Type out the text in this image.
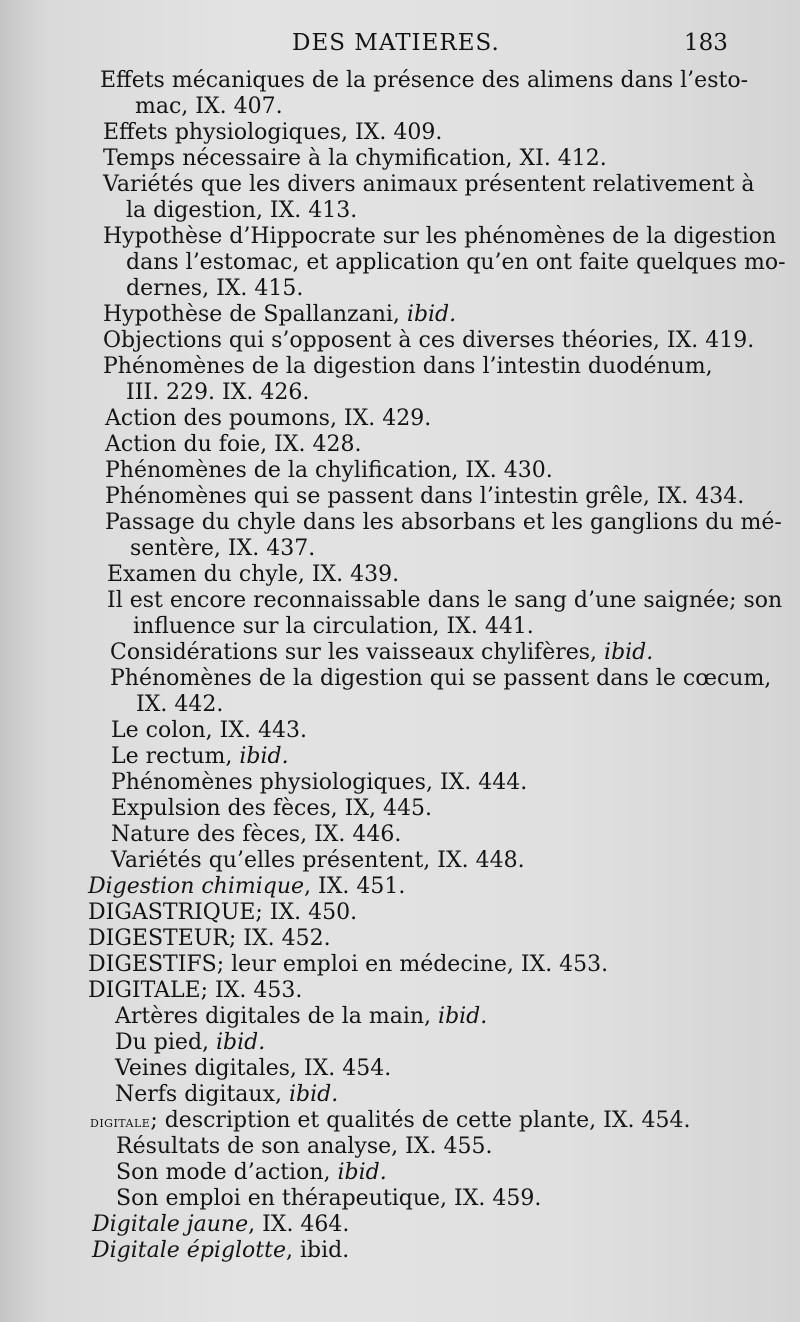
DES MATIERES.	183
Effets mécaniques de la présence des alimens dans l’esto-
mac, IX. 407.
Effets physiologiques, IX. 409.
Temps nécessaire à la chymification, XI. 412.
Variétés que les divers animaux présentent relativement à
la digestion, IX. 413.
Hypothèse d’Hippocrate sur les phénomènes de la digestion
dans l’estomac, et application qu’en ont faite quelques mo-
dernes, IX. 415.
Hypothèse de Spallanzani, ibid.
Objections qui s’opposent à ces diverses théories, IX. 419.
Phénomènes de la digestion dans l’intestin duodénum,
III. 229. IX. 426.
Action des poumons, IX. 429.
Action du foie, IX. 428.
Phénomènes de la chylification, IX. 430.
Phénomènes qui se passent dans l’intestin grêle, IX. 434.
Passage du chyle dans les absorbans et les ganglions du mé-
sentère, IX. 437.
Examen du chyle, IX. 439.
Il est encore reconnaissable dans le sang d’une saignée; son
influence sur la circulation, IX. 441.
Considérations sur les vaisseaux chylifères, ibid.
Phénomènes de la digestion qui se passent dans le cœcum,
IX. 442.
Le colon, IX. 443.
Le rectum, ibid.
Phénomènes physiologiques, IX. 444.
Expulsion des fèces, IX, 445.
Nature des fèces, IX. 446.
Variétés qu’elles présentent, IX. 448.
Digestion chimique, IX. 451.
DIGASTRIQUE; IX. 450.
DIGESTEUR; IX. 452.
DIGESTIFS; leur emploi en médecine, IX. 453.
DIGITALE; IX. 453.
Artères digitales de la main, ibid.
Du pied, ibid.
Veines digitales, IX. 454.
Nerfs digitaux, ibid.
digitale; description et qualités de cette plante, IX. 454.
Résultats de son analyse, IX. 455.
Son mode d’action, ibid.
Son emploi en thérapeutique, IX. 459.
Digitale jaune, IX. 464.
Digitale épiglotte, ibid.
